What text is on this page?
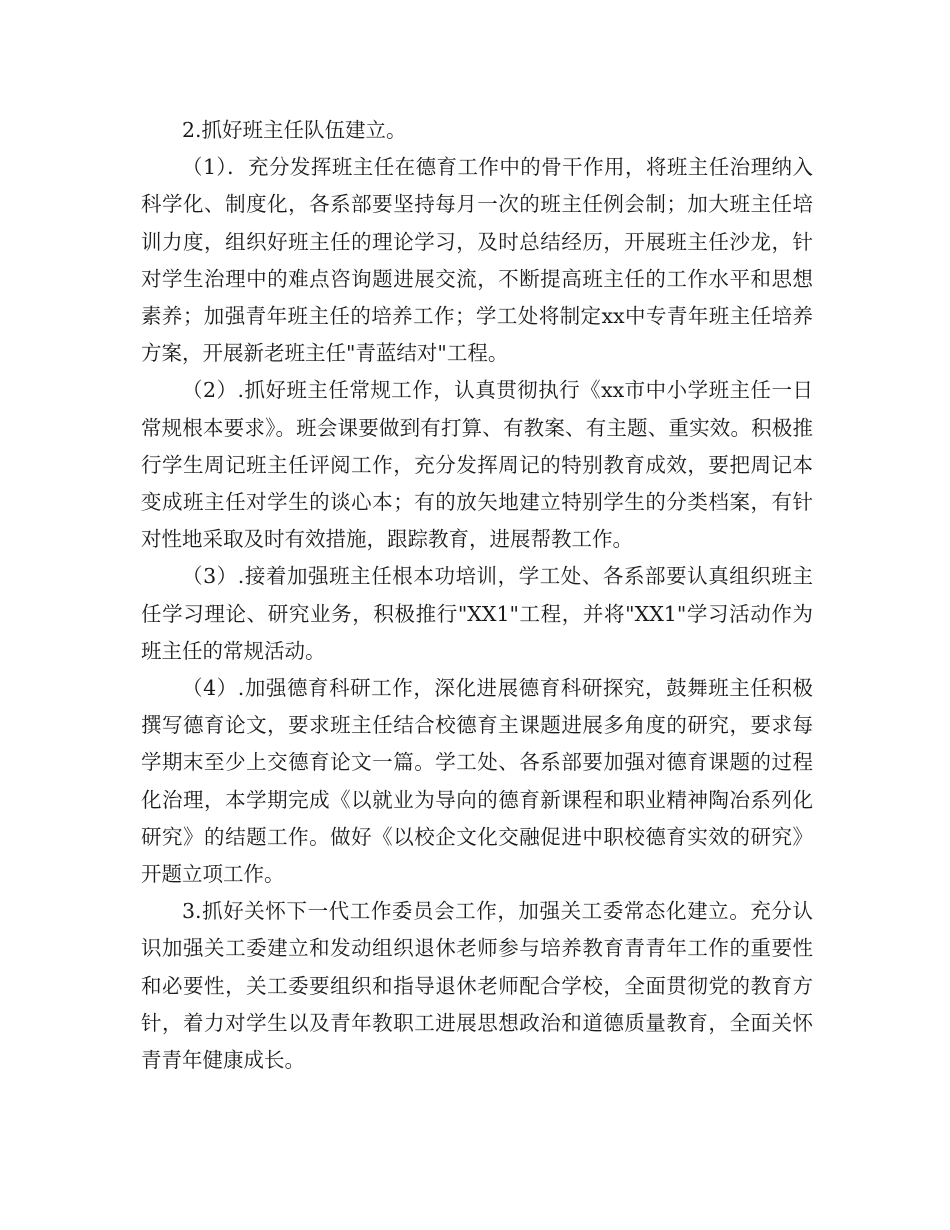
2.抓好班主任队伍建立。

（1）．充分发挥班主任在德育工作中的骨干作用，将班主任治理纳入科学化、制度化，各系部要坚持每月一次的班主任例会制；加大班主任培训力度，组织好班主任的理论学习，及时总结经历，开展班主任沙龙，针对学生治理中的难点咨询题进展交流，不断提高班主任的工作水平和思想素养；加强青年班主任的培养工作；学工处将制定xx中专青年班主任培养方案，开展新老班主任"青蓝结对"工程。

（2）.抓好班主任常规工作，认真贯彻执行《xx市中小学班主任一日常规根本要求》。班会课要做到有打算、有教案、有主题、重实效。积极推行学生周记班主任评阅工作，充分发挥周记的特别教育成效，要把周记本变成班主任对学生的谈心本；有的放矢地建立特别学生的分类档案，有针对性地采取及时有效措施，跟踪教育，进展帮教工作。

（3）.接着加强班主任根本功培训，学工处、各系部要认真组织班主任学习理论、研究业务，积极推行"XX1"工程，并将"XX1"学习活动作为班主任的常规活动。

（4）.加强德育科研工作，深化进展德育科研探究，鼓舞班主任积极撰写德育论文，要求班主任结合校德育主课题进展多角度的研究，要求每学期末至少上交德育论文一篇。学工处、各系部要加强对德育课题的过程化治理，本学期完成《以就业为导向的德育新课程和职业精神陶冶系列化研究》的结题工作。做好《以校企文化交融促进中职校德育实效的研究》开题立项工作。

3.抓好关怀下一代工作委员会工作，加强关工委常态化建立。充分认识加强关工委建立和发动组织退休老师参与培养教育青青年工作的重要性和必要性，关工委要组织和指导退休老师配合学校，全面贯彻党的教育方针，着力对学生以及青年教职工进展思想政治和道德质量教育，全面关怀青青年健康成长。
